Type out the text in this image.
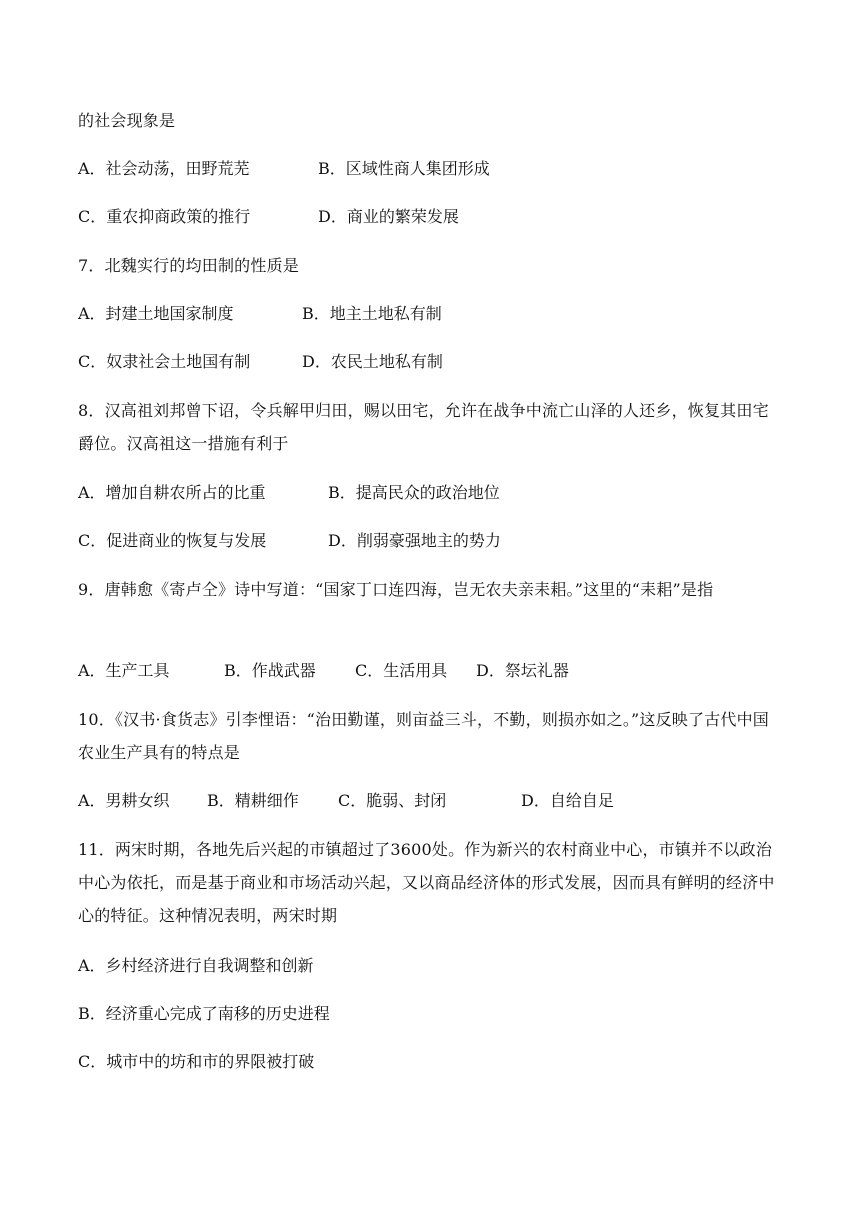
的社会现象是
A．社会动荡，田野荒芜	B．区域性商人集团形成
C．重农抑商政策的推行	D．商业的繁荣发展
7．北魏实行的均田制的性质是
A．封建土地国家制度	B．地主土地私有制
C．奴隶社会土地国有制	D．农民土地私有制
8．汉高祖刘邦曾下诏，令兵解甲归田，赐以田宅，允许在战争中流亡山泽的人还乡，恢复其田宅爵位。汉高祖这一措施有利于
A．增加自耕农所占的比重	B．提高民众的政治地位
C．促进商业的恢复与发展	D．削弱豪强地主的势力
9．唐韩愈《寄卢仝》诗中写道：“国家丁口连四海，岂无农夫亲耒耜。”这里的“耒耜”是指
A．生产工具	B．作战武器 C．生活用具 D．祭坛礼器
10．《汉书·食货志》引李悝语：“治田勤谨，则亩益三斗，不勤，则损亦如之。”这反映了古代中国农业生产具有的特点是
A．男耕女织 B．精耕细作 C．脆弱、封闭	D．自给自足
11．两宋时期，各地先后兴起的市镇超过了3600处。作为新兴的农村商业中心，市镇并不以政治中心为依托，而是基于商业和市场活动兴起，又以商品经济体的形式发展，因而具有鲜明的经济中心的特征。这种情况表明，两宋时期
A．乡村经济进行自我调整和创新
B．经济重心完成了南移的历史进程
C．城市中的坊和市的界限被打破
